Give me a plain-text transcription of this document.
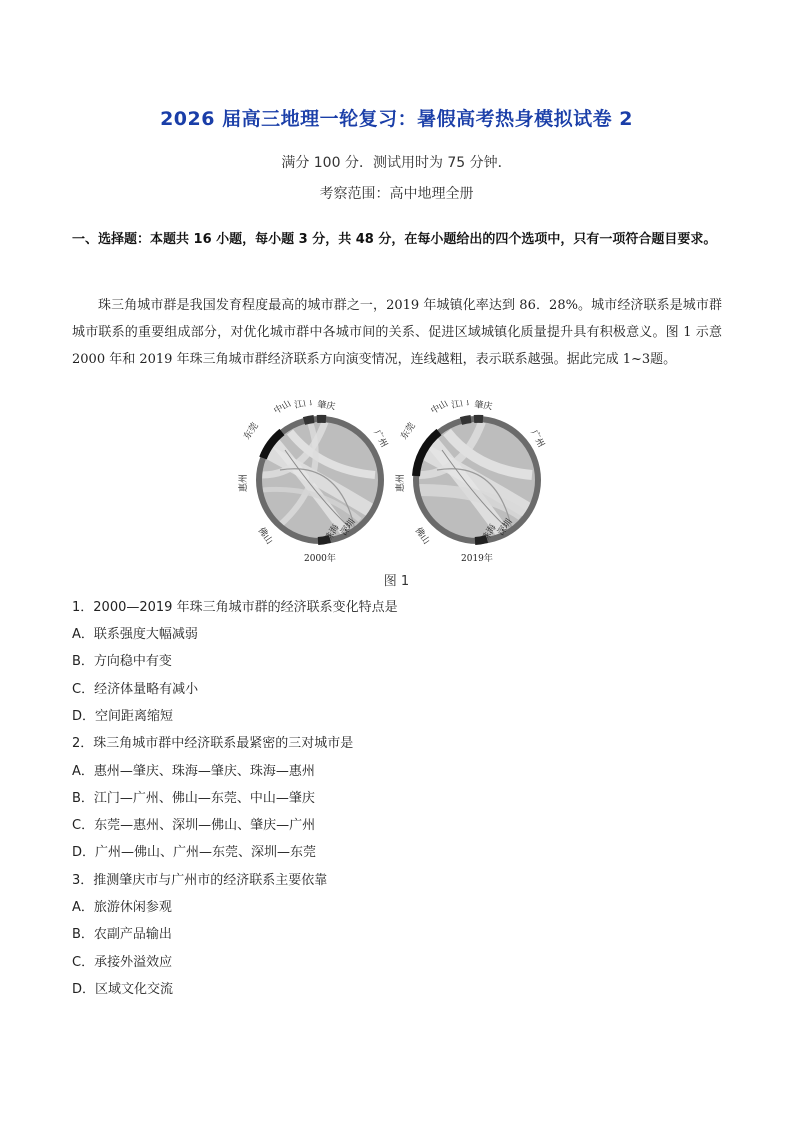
2026 届高三地理一轮复习：暑假高考热身模拟试卷 2
满分 100 分．测试用时为 75 分钟．
考察范围：高中地理全册
一、选择题：本题共 16 小题，每小题 3 分，共 48 分，在每小题给出的四个选项中，只有一项符合题目要求。
珠三角城市群是我国发育程度最高的城市群之一，2019 年城镇化率达到 86．28%。城市经济联系是城市群城市联系的重要组成部分，对优化城市群中各城市间的关系、促进区域城镇化质量提升具有积极意义。图 1 示意 2000 年和 2019 年珠三角城市群经济联系方向演变情况，连线越粗，表示联系越强。据此完成 1~3题。
东莞
中山 江门 肇庆
广州
惠州
佛山	珠海
深圳
2000年
东莞
中山 江门 肇庆
广州
惠州
佛山	珠海
深圳
2019年
图 1
1．2000—2019 年珠三角城市群的经济联系变化特点是
A．联系强度大幅减弱
B．方向稳中有变
C．经济体量略有减小
D．空间距离缩短
2．珠三角城市群中经济联系最紧密的三对城市是
A．惠州—肇庆、珠海—肇庆、珠海—惠州
B．江门—广州、佛山—东莞、中山—肇庆
C．东莞—惠州、深圳—佛山、肇庆—广州
D．广州—佛山、广州—东莞、深圳—东莞
3．推测肇庆市与广州市的经济联系主要依靠
A．旅游休闲参观
B．农副产品输出
C．承接外溢效应
D．区域文化交流
